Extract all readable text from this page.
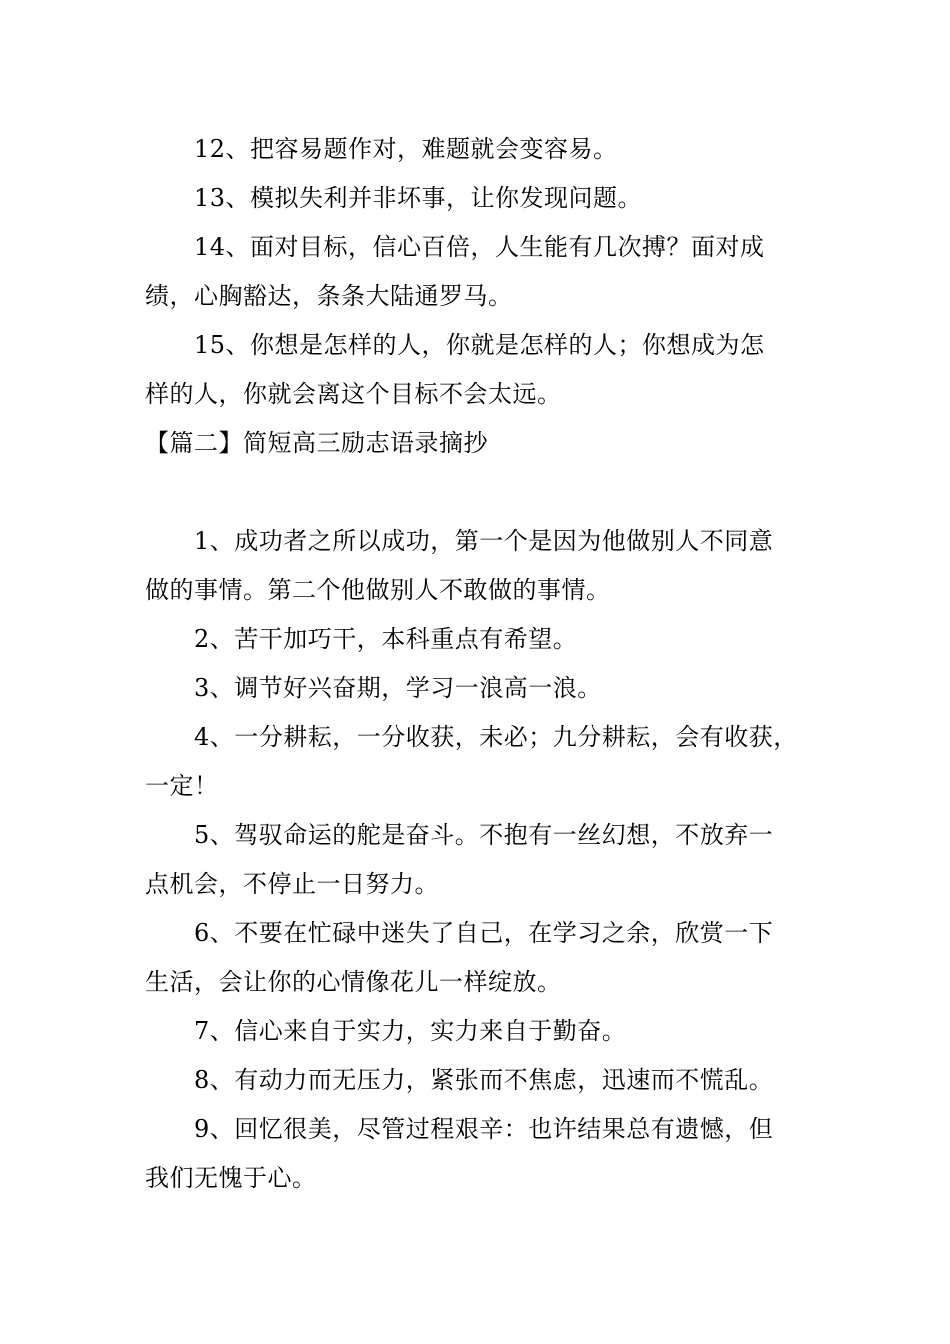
12、把容易题作对，难题就会变容易。
13、模拟失利并非坏事，让你发现问题。
14、面对目标，信心百倍，人生能有几次搏？面对成
绩，心胸豁达，条条大陆通罗马。
15、你想是怎样的人，你就是怎样的人；你想成为怎
样的人，你就会离这个目标不会太远。
【篇二】简短高三励志语录摘抄
1、成功者之所以成功，第一个是因为他做别人不同意
做的事情。第二个他做别人不敢做的事情。
2、苦干加巧干，本科重点有希望。
3、调节好兴奋期，学习一浪高一浪。
4、一分耕耘，一分收获，未必；九分耕耘，会有收获，
一定！
5、驾驭命运的舵是奋斗。不抱有一丝幻想，不放弃一
点机会，不停止一日努力。
6、不要在忙碌中迷失了自己，在学习之余，欣赏一下
生活，会让你的心情像花儿一样绽放。
7、信心来自于实力，实力来自于勤奋。
8、有动力而无压力，紧张而不焦虑，迅速而不慌乱。
9、回忆很美，尽管过程艰辛：也许结果总有遗憾，但
我们无愧于心。
